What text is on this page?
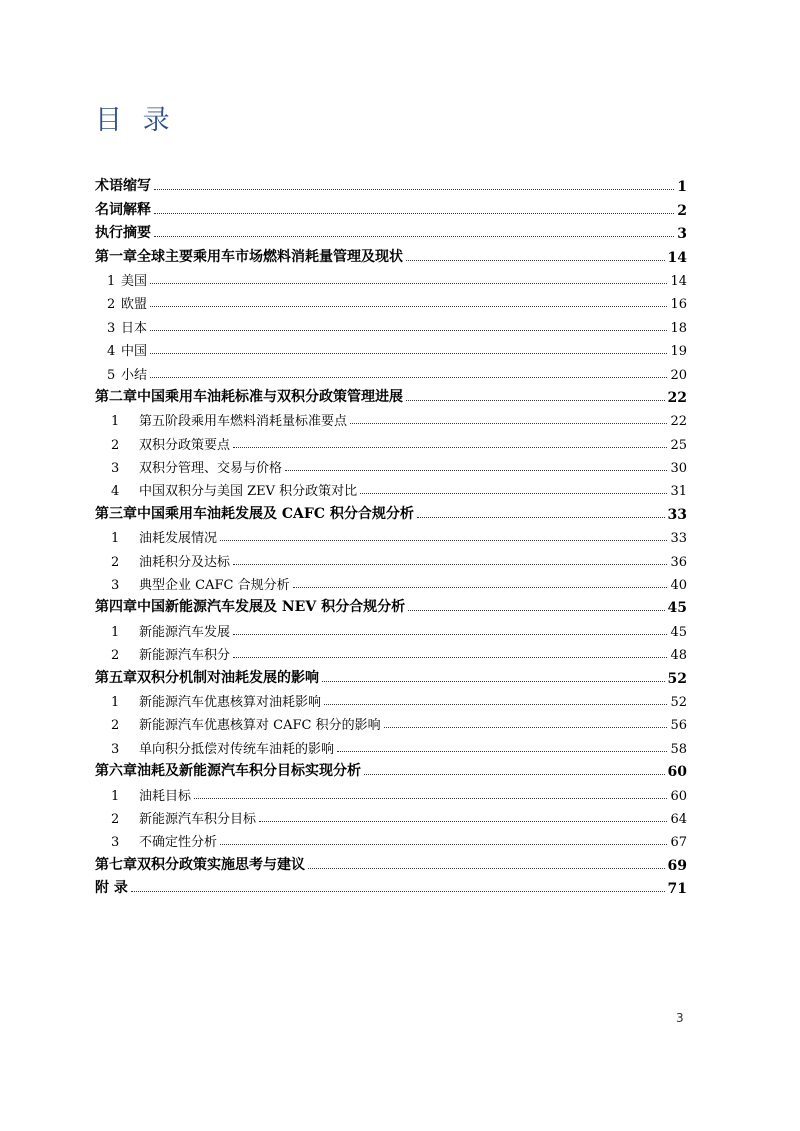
目 录
术语缩写	1
名词解释	2
执行摘要	3
第一章全球主要乘用车市场燃料消耗量管理及现状	14
1 美国	14
2 欧盟	16
3 日本	18
4 中国	19
5 小结	20
第二章中国乘用车油耗标准与双积分政策管理进展	22
1 第五阶段乘用车燃料消耗量标准要点	22
2 双积分政策要点	25
3 双积分管理、交易与价格	30
4 中国双积分与美国 ZEV 积分政策对比	31
第三章中国乘用车油耗发展及 CAFC 积分合规分析	33
1 油耗发展情况	33
2 油耗积分及达标	36
3 典型企业 CAFC 合规分析	40
第四章中国新能源汽车发展及 NEV 积分合规分析	45
1 新能源汽车发展	45
2 新能源汽车积分	48
第五章双积分机制对油耗发展的影响	52
1 新能源汽车优惠核算对油耗影响	52
2 新能源汽车优惠核算对 CAFC 积分的影响	56
3 单向积分抵偿对传统车油耗的影响	58
第六章油耗及新能源汽车积分目标实现分析	60
1 油耗目标	60
2 新能源汽车积分目标	64
3 不确定性分析	67
第七章双积分政策实施思考与建议	69
附 录	71
3
